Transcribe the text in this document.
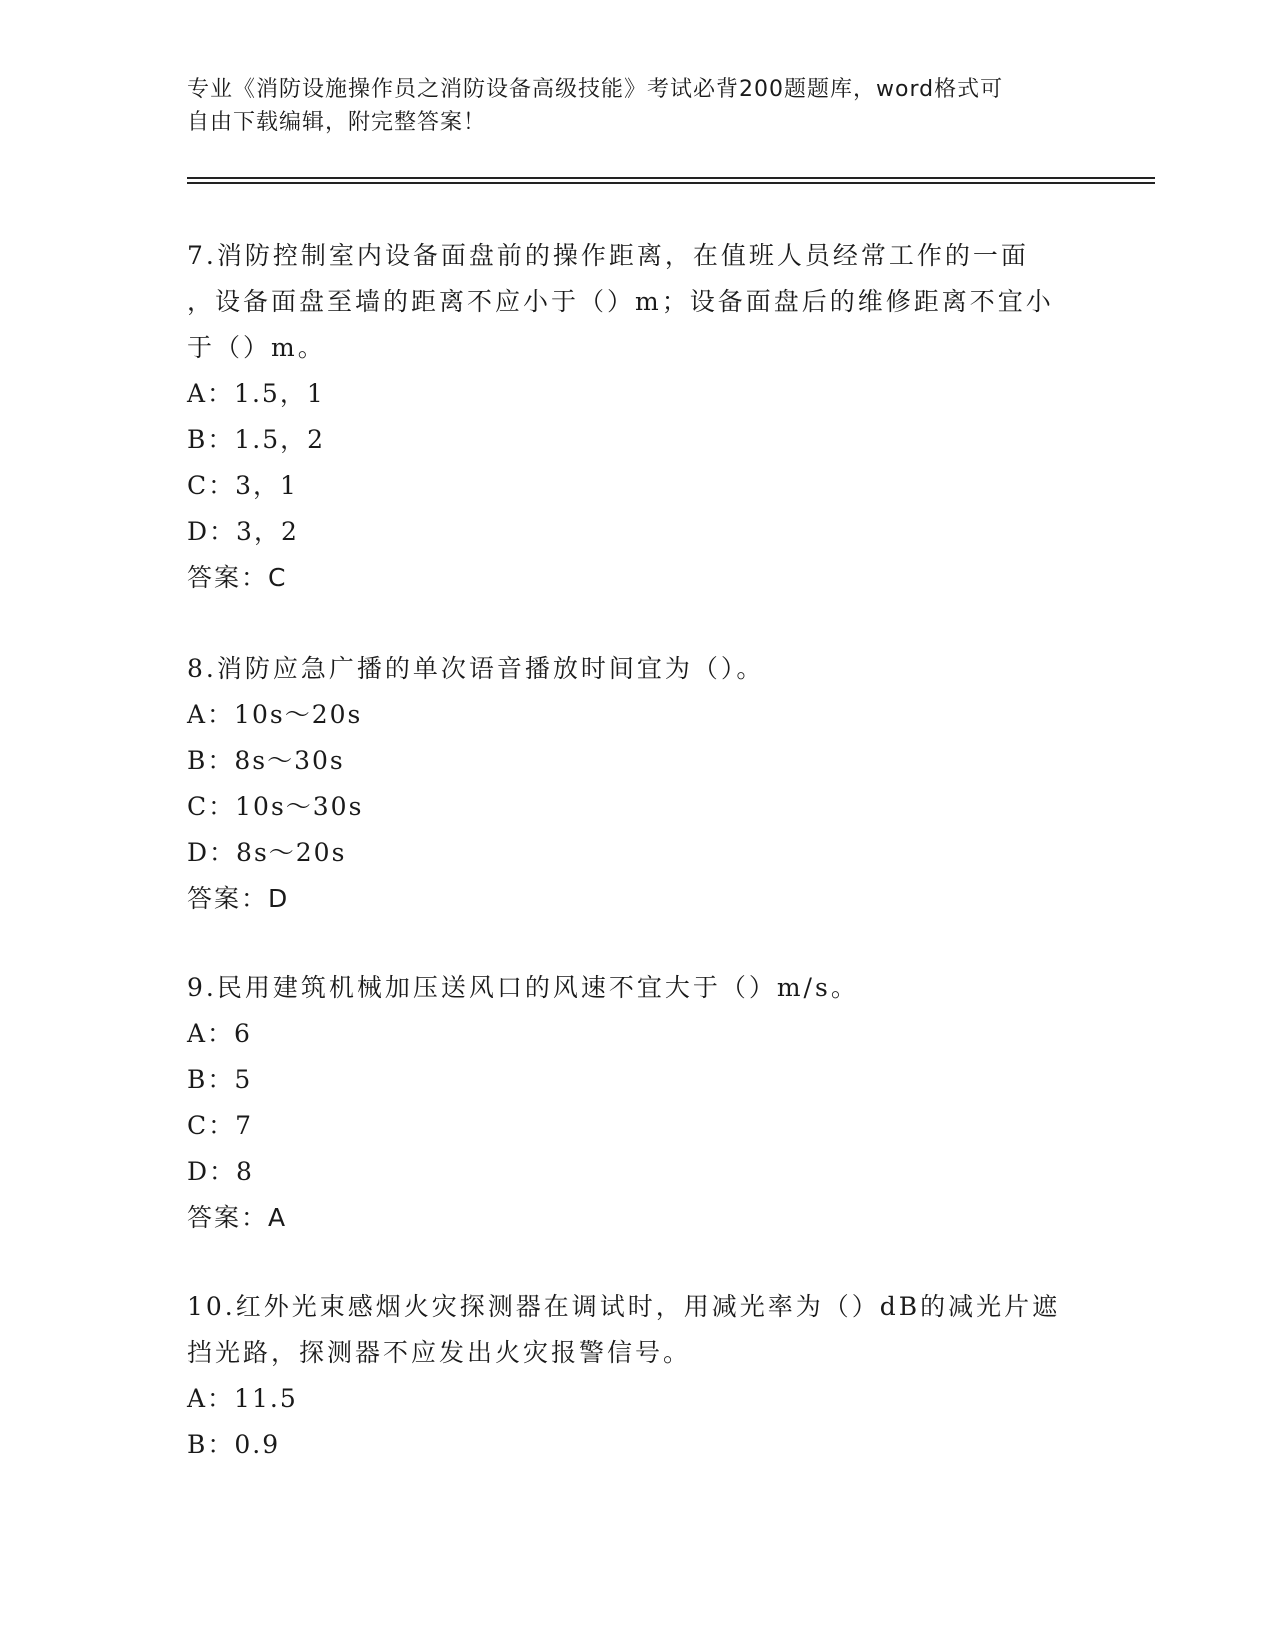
专业《消防设施操作员之消防设备高级技能》考试必背200题题库，word格式可
自由下载编辑，附完整答案！

7.消防控制室内设备面盘前的操作距离，在值班人员经常工作的一面

，设备面盘至墙的距离不应小于（）m；设备面盘后的维修距离不宜小

于（）m。

A：1.5，1

B：1.5，2

C：3，1

D：3，2

答案：C

8.消防应急广播的单次语音播放时间宜为（）。

A：10s～20s

B：8s～30s

C：10s～30s

D：8s～20s

答案：D

9.民用建筑机械加压送风口的风速不宜大于（）m/s。

A：6

B：5

C：7

D：8

答案：A

10.红外光束感烟火灾探测器在调试时，用减光率为（）dB的减光片遮

挡光路，探测器不应发出火灾报警信号。

A：11.5

B：0.9
